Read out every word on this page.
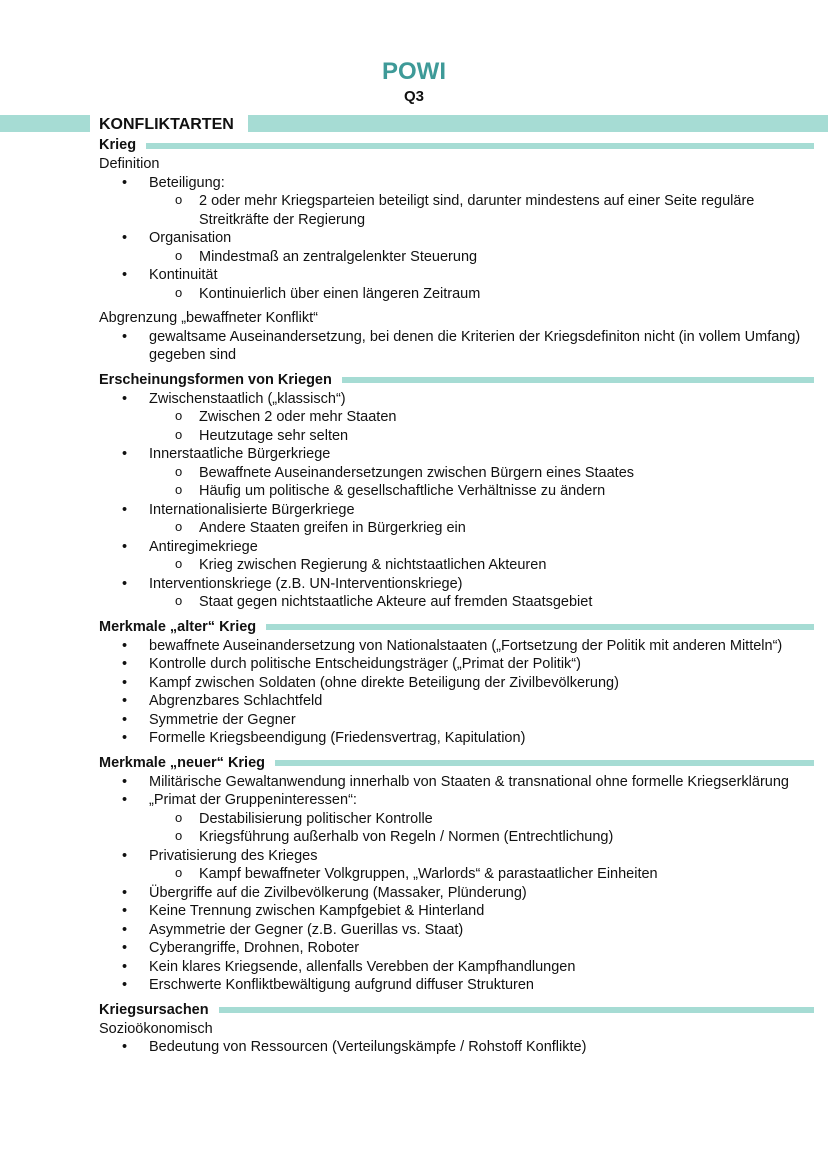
POWI
Q3
KONFLIKTARTEN
Krieg
Definition
• Beteiligung:
o 2 oder mehr Kriegsparteien beteiligt sind, darunter mindestens auf einer Seite reguläre Streitkräfte der Regierung
• Organisation
o Mindestmaß an zentralgelenkter Steuerung
• Kontinuität
o Kontinuierlich über einen längeren Zeitraum
Abgrenzung „bewaffneter Konflikt“
• gewaltsame Auseinandersetzung, bei denen die Kriterien der Kriegsdefiniton nicht (in vollem Umfang) gegeben sind
Erscheinungsformen von Kriegen
• Zwischenstaatlich („klassisch“)
o Zwischen 2 oder mehr Staaten
o Heutzutage sehr selten
• Innerstaatliche Bürgerkriege
o Bewaffnete Auseinandersetzungen zwischen Bürgern eines Staates
o Häufig um politische & gesellschaftliche Verhältnisse zu ändern
• Internationalisierte Bürgerkriege
o Andere Staaten greifen in Bürgerkrieg ein
• Antiregimekriege
o Krieg zwischen Regierung & nichtstaatlichen Akteuren
• Interventionskriege (z.B. UN-Interventionskriege)
o Staat gegen nichtstaatliche Akteure auf fremden Staatsgebiet
Merkmale „alter“ Krieg
• bewaffnete Auseinandersetzung von Nationalstaaten („Fortsetzung der Politik mit anderen Mitteln“)
• Kontrolle durch politische Entscheidungsträger („Primat der Politik“)
• Kampf zwischen Soldaten (ohne direkte Beteiligung der Zivilbevölkerung)
• Abgrenzbares Schlachtfeld
• Symmetrie der Gegner
• Formelle Kriegsbeendigung (Friedensvertrag, Kapitulation)
Merkmale „neuer“ Krieg
• Militärische Gewaltanwendung innerhalb von Staaten & transnational ohne formelle Kriegserklärung
• „Primat der Gruppeninteressen“:
o Destabilisierung politischer Kontrolle
o Kriegsführung außerhalb von Regeln / Normen (Entrechtlichung)
• Privatisierung des Krieges
o Kampf bewaffneter Volkgruppen, „Warlords“ & parastaatlicher Einheiten
• Übergriffe auf die Zivilbevölkerung (Massaker, Plünderung)
• Keine Trennung zwischen Kampfgebiet & Hinterland
• Asymmetrie der Gegner (z.B. Guerillas vs. Staat)
• Cyberangriffe, Drohnen, Roboter
• Kein klares Kriegsende, allenfalls Verebben der Kampfhandlungen
• Erschwerte Konfliktbewältigung aufgrund diffuser Strukturen
Kriegsursachen
Sozioökonomisch
• Bedeutung von Ressourcen (Verteilungskämpfe / Rohstoff Konflikte)
